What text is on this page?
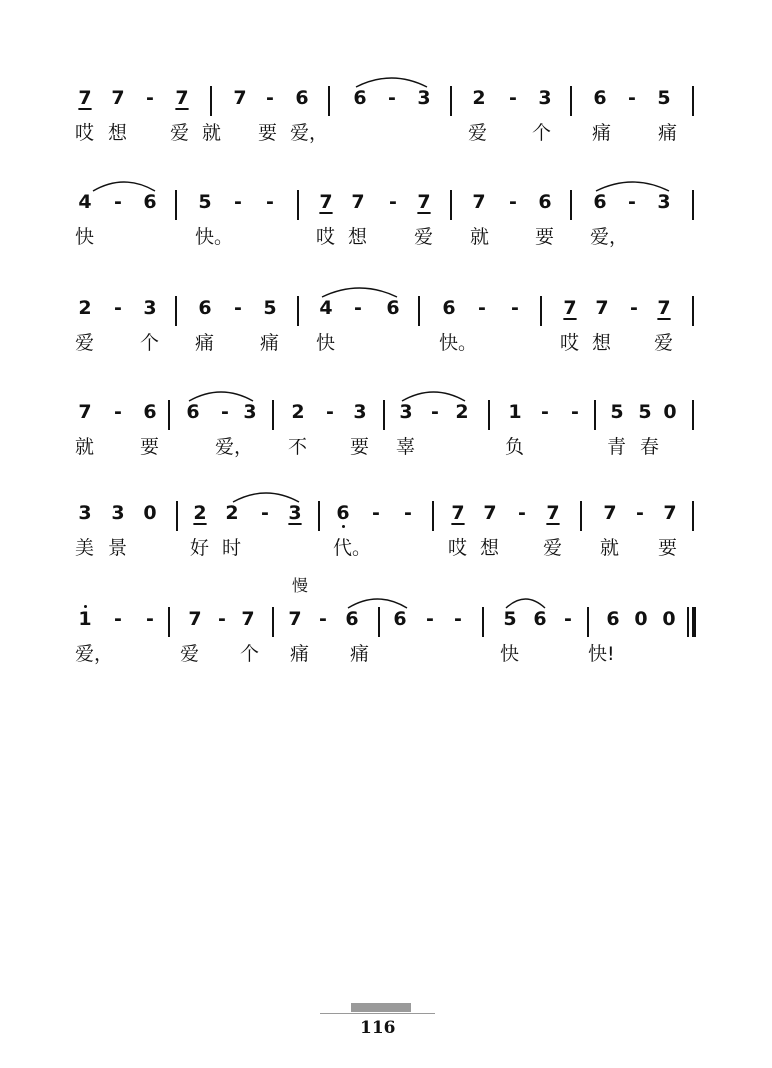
7 7	-	7 7	-	6 6	-	3 2	-	3 6	-	5
哎 想 爱 就 要 爱，	爱 个 痛 痛
4	-	6 5	-	-	7 7	-	7 7	-	6 6	-	3
快	快。	哎 想 爱 就 要 爱，
2	-	3 6	-	5 4	-	6 6	-	-	7 7	-	7
爱 个 痛 痛 快	快。	哎 想 爱
7	-	6 6	- 3 2	-	3 3 - 2 1	-	-	5 5 0
就 要	爱， 不 要 辜	负	青 春
3 3 0 2 2	-	3 6	-	-	7 7	-	7 7	-	7
美 景	好 时	代。	哎 想 爱 就 要
1	-	-	7 - 7 7 - 6 6	-	-	5 6 -	6 0 0
慢
爱，	爱 个 痛 痛	快	快!
116
